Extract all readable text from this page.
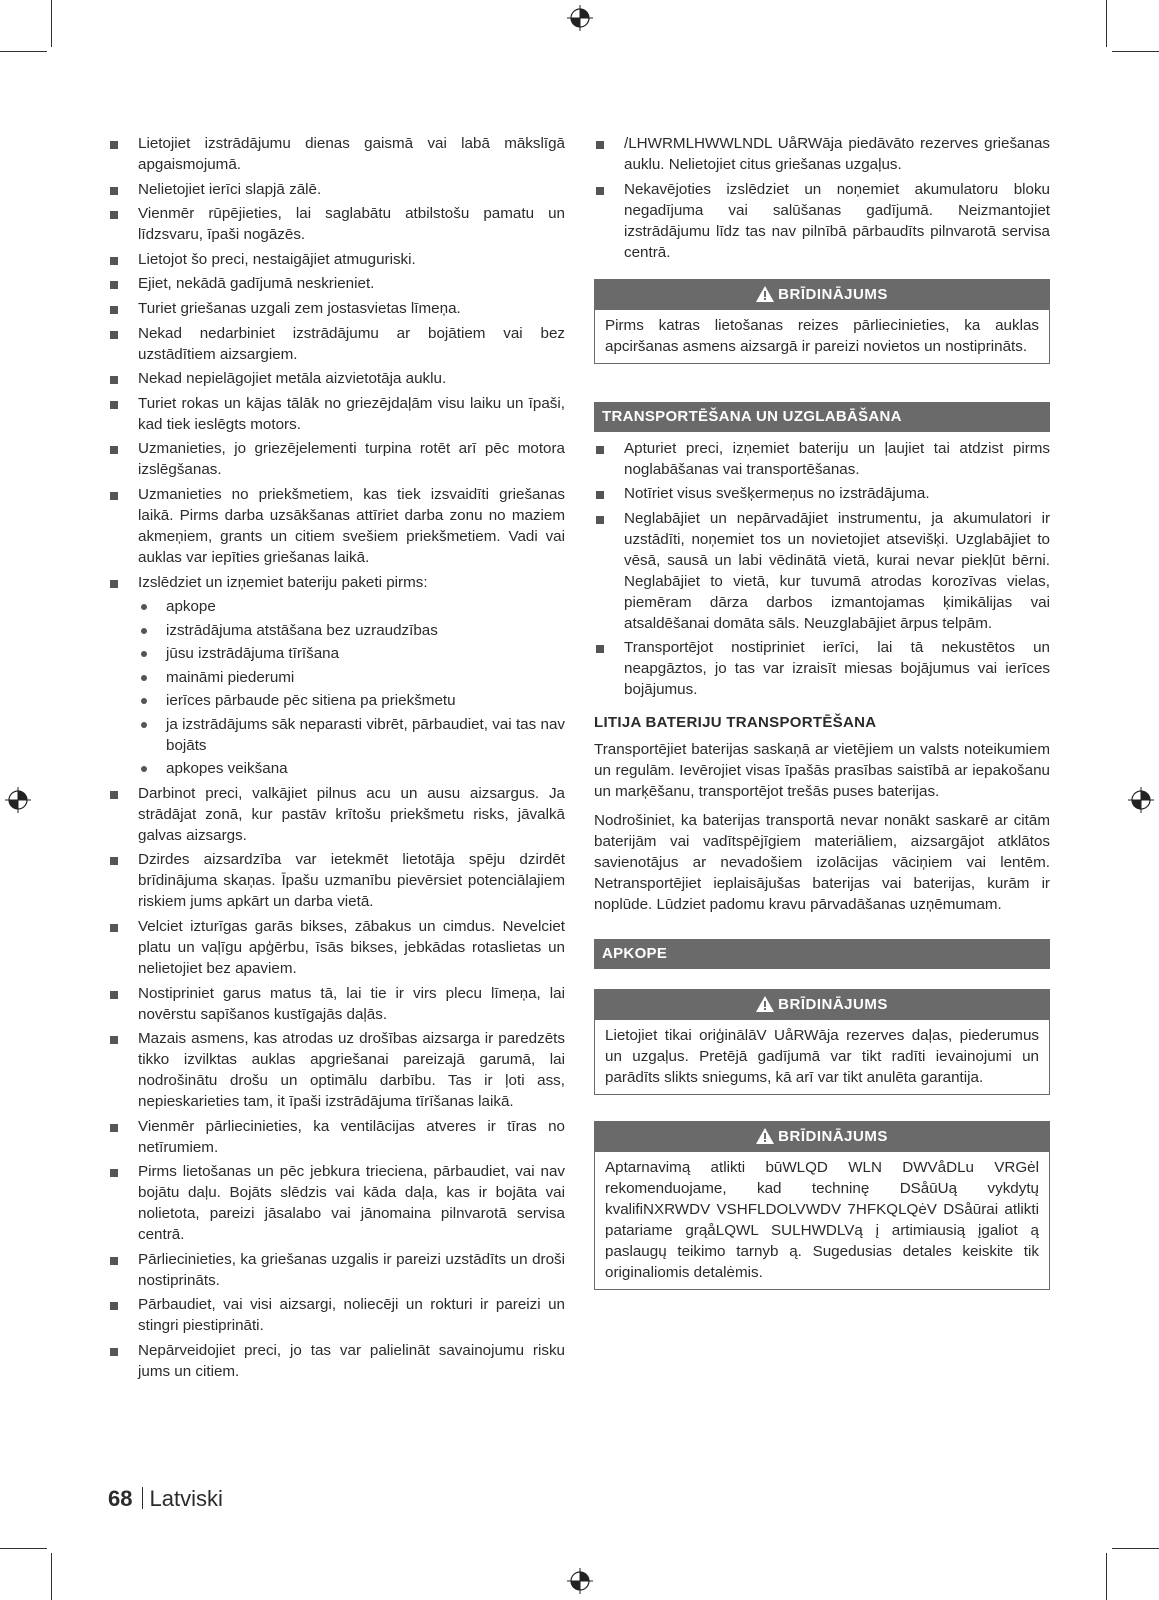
Lietojiet izstrādājumu dienas gaismā vai labā mākslīgā apgaismojumā.
Nelietojiet ierīci slapjā zālē.
Vienmēr rūpējieties, lai saglabātu atbilstošu pamatu un līdzsvaru, īpaši nogāzēs.
Lietojot šo preci, nestaigājiet atmuguriski.
Ejiet, nekādā gadījumā neskrieniet.
Turiet griešanas uzgali zem jostasvietas līmeņa.
Nekad nedarbiniet izstrādājumu ar bojātiem vai bez uzstādītiem aizsargiem.
Nekad nepielāgojiet metāla aizvietotāja auklu.
Turiet rokas un kājas tālāk no griezējdaļām visu laiku un īpaši, kad tiek ieslēgts motors.
Uzmanieties, jo griezējelementi turpina rotēt arī pēc motora izslēgšanas.
Uzmanieties no priekšmetiem, kas tiek izsvaidīti griešanas laikā. Pirms darba uzsākšanas attīriet darba zonu no maziem akmeņiem, grants un citiem svešiem priekšmetiem. Vadi vai auklas var iepīties griešanas laikā.
Izslēdziet un izņemiet bateriju paketi pirms:
apkope
izstrādājuma atstāšana bez uzraudzības
jūsu izstrādājuma tīrīšana
maināmi piederumi
ierīces pārbaude pēc sitiena pa priekšmetu
ja izstrādājums sāk neparasti vibrēt, pārbaudiet, vai tas nav bojāts
apkopes veikšana
Darbinot preci, valkājiet pilnus acu un ausu aizsargus. Ja strādājat zonā, kur pastāv krītošu priekšmetu risks, jāvalkā galvas aizsargs.
Dzirdes aizsardzība var ietekmēt lietotāja spēju dzirdēt brīdinājuma skaņas. Īpašu uzmanību pievērsiet potenciālajiem riskiem jums apkārt un darba vietā.
Velciet izturīgas garās bikses, zābakus un cimdus. Nevelciet platu un vaļīgu apģērbu, īsās bikses, jebkādas rotaslietas un nelietojiet bez apaviem.
Nostipriniet garus matus tā, lai tie ir virs plecu līmeņa, lai novērstu sapīšanos kustīgajās daļās.
Mazais asmens, kas atrodas uz drošības aizsarga ir paredzēts tikko izvilktas auklas apgriešanai pareizajā garumā, lai nodrošinātu drošu un optimālu darbību. Tas ir ļoti ass, nepieskarieties tam, it īpaši izstrādājuma tīrīšanas laikā.
Vienmēr pārliecinieties, ka ventilācijas atveres ir tīras no netīrumiem.
Pirms lietošanas un pēc jebkura trieciena, pārbaudiet, vai nav bojātu daļu. Bojāts slēdzis vai kāda daļa, kas ir bojāta vai nolietota, pareizi jāsalabo vai jānomaina pilnvarotā servisa centrā.
Pārliecinieties, ka griešanas uzgalis ir pareizi uzstādīts un droši nostiprināts.
Pārbaudiet, vai visi aizsargi, noliecēji un rokturi ir pareizi un stingri piestiprināti.
Nepārveidojiet preci, jo tas var palielināt savainojumu risku jums un citiem.
/LHWRMLHWWLNDL UåRWāja piedāvāto rezerves griešanas auklu. Nelietojiet citus griešanas uzgaļus.
Nekavējoties izslēdziet un noņemiet akumulatoru bloku negadījuma vai salūšanas gadījumā. Neizmantojiet izstrādājumu līdz tas nav pilnībā pārbaudīts pilnvarotā servisa centrā.
BRĪDINĀJUMS
Pirms katras lietošanas reizes pārliecinieties, ka auklas apciršanas asmens aizsargā ir pareizi novietos un nostiprināts.
TRANSPORTĒŠANA UN UZGLABĀŠANA
Apturiet preci, izņemiet bateriju un ļaujiet tai atdzist pirms noglabāšanas vai transportēšanas.
Notīriet visus svešķermeņus no izstrādājuma.
Neglabājiet un nepārvadājiet instrumentu, ja akumulatori ir uzstādīti, noņemiet tos un novietojiet atsevišķi. Uzglabājiet to vēsā, sausā un labi vēdinātā vietā, kurai nevar piekļūt bērni. Neglabājiet to vietā, kur tuvumā atrodas korozīvas vielas, piemēram dārza darbos izmantojamas ķimikālijas vai atsaldēšanai domāta sāls. Neuzglabājiet ārpus telpām.
Transportējot nostipriniet ierīci, lai tā nekustētos un neapgāztos, jo tas var izraisīt miesas bojājumus vai ierīces bojājumus.
LITIJA BATERIJU TRANSPORTĒŠANA

Transportējiet baterijas saskaņā ar vietējiem un valsts noteikumiem un regulām. Ievērojiet visas īpašās prasības saistībā ar iepakošanu un marķēšanu, transportējot trešās puses baterijas.

Nodrošiniet, ka baterijas transportā nevar nonākt saskarē ar citām baterijām vai vadītspējīgiem materiāliem, aizsargājot atklātos savienotājus ar nevadošiem izolācijas vāciņiem vai lentēm. Netransportējiet ieplaisājušas baterijas vai baterijas, kurām ir noplūde. Lūdziet padomu kravu pārvadāšanas uzņēmumam.

APKOPE
BRĪDINĀJUMS
Lietojiet tikai oriģinālāV UåRWāja rezerves daļas, piederumus un uzgaļus. Pretējā gadījumā var tikt radīti ievainojumi un parādīts slikts sniegums, kā arī var tikt anulēta garantija.
BRĪDINĀJUMS
Aptarnavimą atlikti būWLQD WLN DWVåDLu VRGėl rekomenduojame, kad techninę DSåūUą vykdytų kvalifiNXRWDV VSHFLDOLVWDV 7HFKQLQėV DSåūrai atlikti patariame grąåLQWL SULHWDLVą į artimiausią įgaliot ą paslaugų teikimo tarnyb ą. Sugedusias detales keiskite tik originaliomis detalėmis.
68 Latviski
